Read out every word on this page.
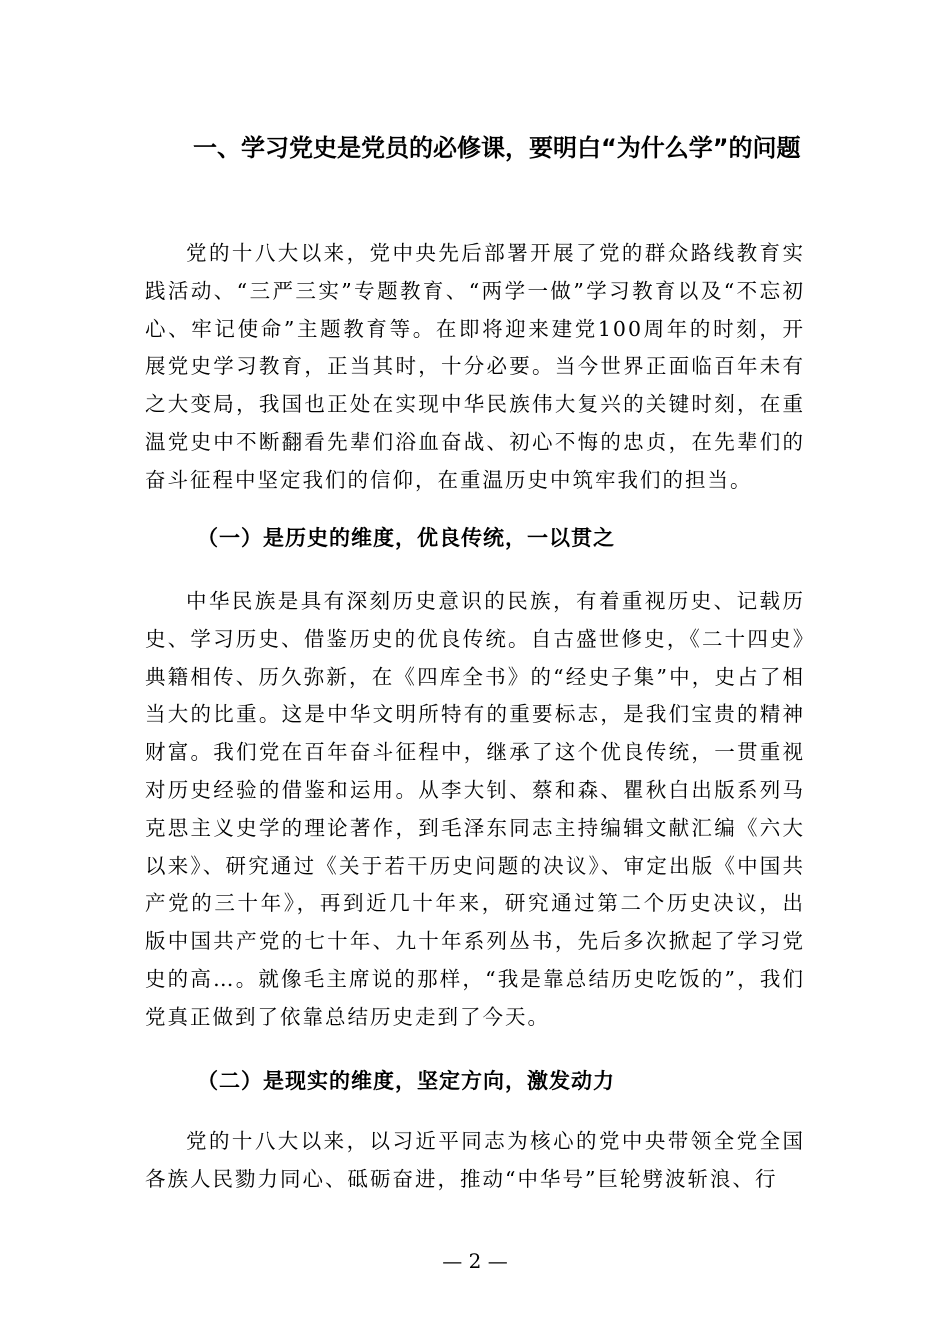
一、学习党史是党员的必修课，要明白“为什么学”的问题

党的十八大以来，党中央先后部署开展了党的群众路线教育实践活动、“三严三实”专题教育、“两学一做”学习教育以及“不忘初心、牢记使命”主题教育等。在即将迎来建党100周年的时刻，开展党史学习教育，正当其时，十分必要。当今世界正面临百年未有之大变局，我国也正处在实现中华民族伟大复兴的关键时刻，在重温党史中不断翻看先辈们浴血奋战、初心不悔的忠贞，在先辈们的奋斗征程中坚定我们的信仰，在重温历史中筑牢我们的担当。

（一）是历史的维度，优良传统，一以贯之

中华民族是具有深刻历史意识的民族，有着重视历史、记载历史、学习历史、借鉴历史的优良传统。自古盛世修史，《二十四史》典籍相传、历久弥新，在《四库全书》的“经史子集”中，史占了相当大的比重。这是中华文明所特有的重要标志，是我们宝贵的精神财富。我们党在百年奋斗征程中，继承了这个优良传统，一贯重视对历史经验的借鉴和运用。从李大钊、蔡和森、瞿秋白出版系列马克思主义史学的理论著作，到毛泽东同志主持编辑文献汇编《六大以来》、研究通过《关于若干历史问题的决议》、审定出版《中国共产党的三十年》，再到近几十年来，研究通过第二个历史决议，出版中国共产党的七十年、九十年系列丛书，先后多次掀起了学习党史的高…。就像毛主席说的那样，“我是靠总结历史吃饭的”，我们党真正做到了依靠总结历史走到了今天。

（二）是现实的维度，坚定方向，激发动力

党的十八大以来，以习近平同志为核心的党中央带领全党全国各族人民勠力同心、砥砺奋进，推动“中华号”巨轮劈波斩浪、行

— 2 —
